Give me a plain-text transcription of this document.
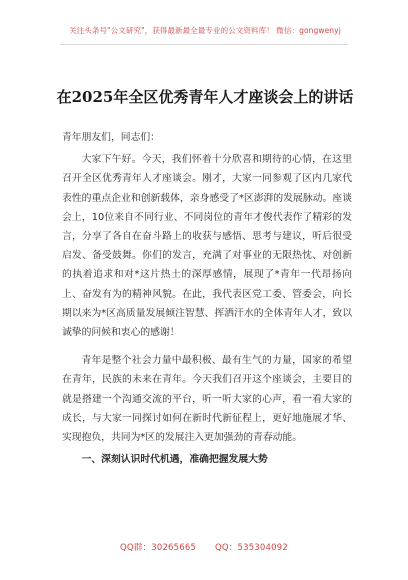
关注头条号"公文研究"，获得最新最全最专业的公文资料库！ 微信：gongwenyj
在2025年全区优秀青年人才座谈会上的讲话

青年朋友们，同志们：

大家下午好。今天，我们怀着十分欣喜和期待的心情，在这里召开全区优秀青年人才座谈会。刚才，大家一同参观了区内几家代表性的重点企业和创新载体，亲身感受了*区澎湃的发展脉动。座谈会上，10位来自不同行业、不同岗位的青年才俊代表作了精彩的发言，分享了各自在奋斗路上的收获与感悟、思考与建议，听后很受启发、备受鼓舞。你们的发言，充满了对事业的无限热忱、对创新的执着追求和对*这片热土的深厚感情，展现了*青年一代昂扬向上、奋发有为的精神风貌。在此，我代表区党工委、管委会，向长期以来为*区高质量发展倾注智慧、挥洒汗水的全体青年人才，致以诚挚的问候和衷心的感谢！

青年是整个社会力量中最积极、最有生气的力量，国家的希望在青年，民族的未来在青年。今天我们召开这个座谈会，主要目的就是搭建一个沟通交流的平台，听一听大家的心声，看一看大家的成长，与大家一同探讨如何在新时代新征程上，更好地施展才华、实现抱负，共同为*区的发展注入更加强劲的青春动能。

一、深刻认识时代机遇，准确把握发展大势

QQ群：30265665 QQ：535304092
